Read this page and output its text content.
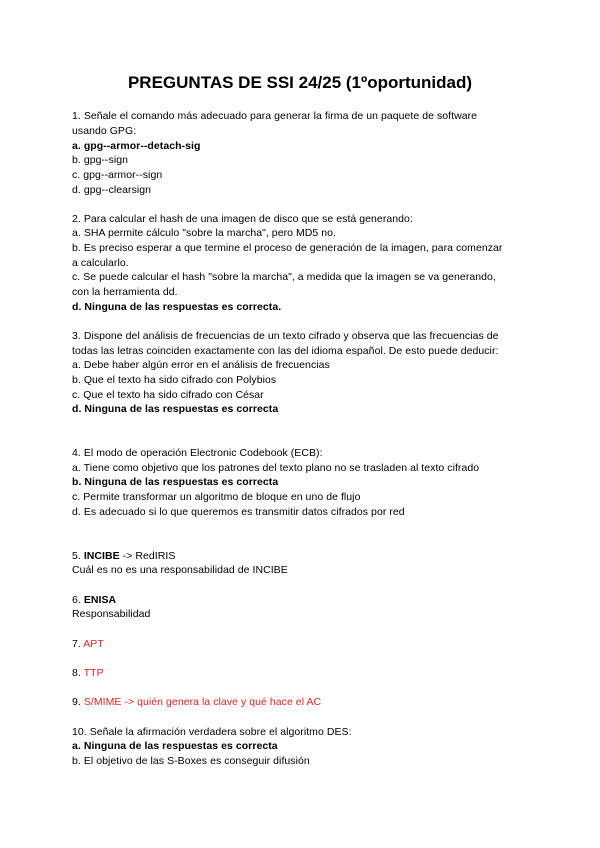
PREGUNTAS DE SSI 24/25 (1ºoportunidad)
1. Señale el comando más adecuado para generar la firma de un paquete de software
usando GPG:
a. gpg--armor--detach-sig
b. gpg--sign
c. gpg--armor--sign
d. gpg--clearsign
2. Para calcular el hash de una imagen de disco que se está generando:
a. SHA permite cálculo "sobre la marcha", pero MD5 no.
b. Es preciso esperar a que termine el proceso de generación de la imagen, para comenzar
a calcularlo.
c. Se puede calcular el hash "sobre la marcha", a medida que la imagen se va generando,
con la herramienta dd.
d. Ninguna de las respuestas es correcta.
3. Dispone del análisis de frecuencias de un texto cifrado y observa que las frecuencias de
todas las letras coinciden exactamente con las del idioma español. De esto puede deducir:
a. Debe haber algún error en el análisis de frecuencias
b. Que el texto ha sido cifrado con Polybios
c. Que el texto ha sido cifrado con César
d. Ninguna de las respuestas es correcta
4. El modo de operación Electronic Codebook (ECB):
a. Tiene como objetivo que los patrones del texto plano no se trasladen al texto cifrado
b. Ninguna de las respuestas es correcta
c. Permite transformar un algoritmo de bloque en uno de flujo
d. Es adecuado si lo que queremos es transmitir datos cifrados por red
5. INCIBE -> RedIRIS
Cuál es no es una responsabilidad de INCIBE
6. ENISA
Responsabilidad
7. APT
8. TTP
9. S/MIME -> quién genera la clave y qué hace el AC
10. Señale la afirmación verdadera sobre el algoritmo DES:
a. Ninguna de las respuestas es correcta
b. El objetivo de las S-Boxes es conseguir difusión
